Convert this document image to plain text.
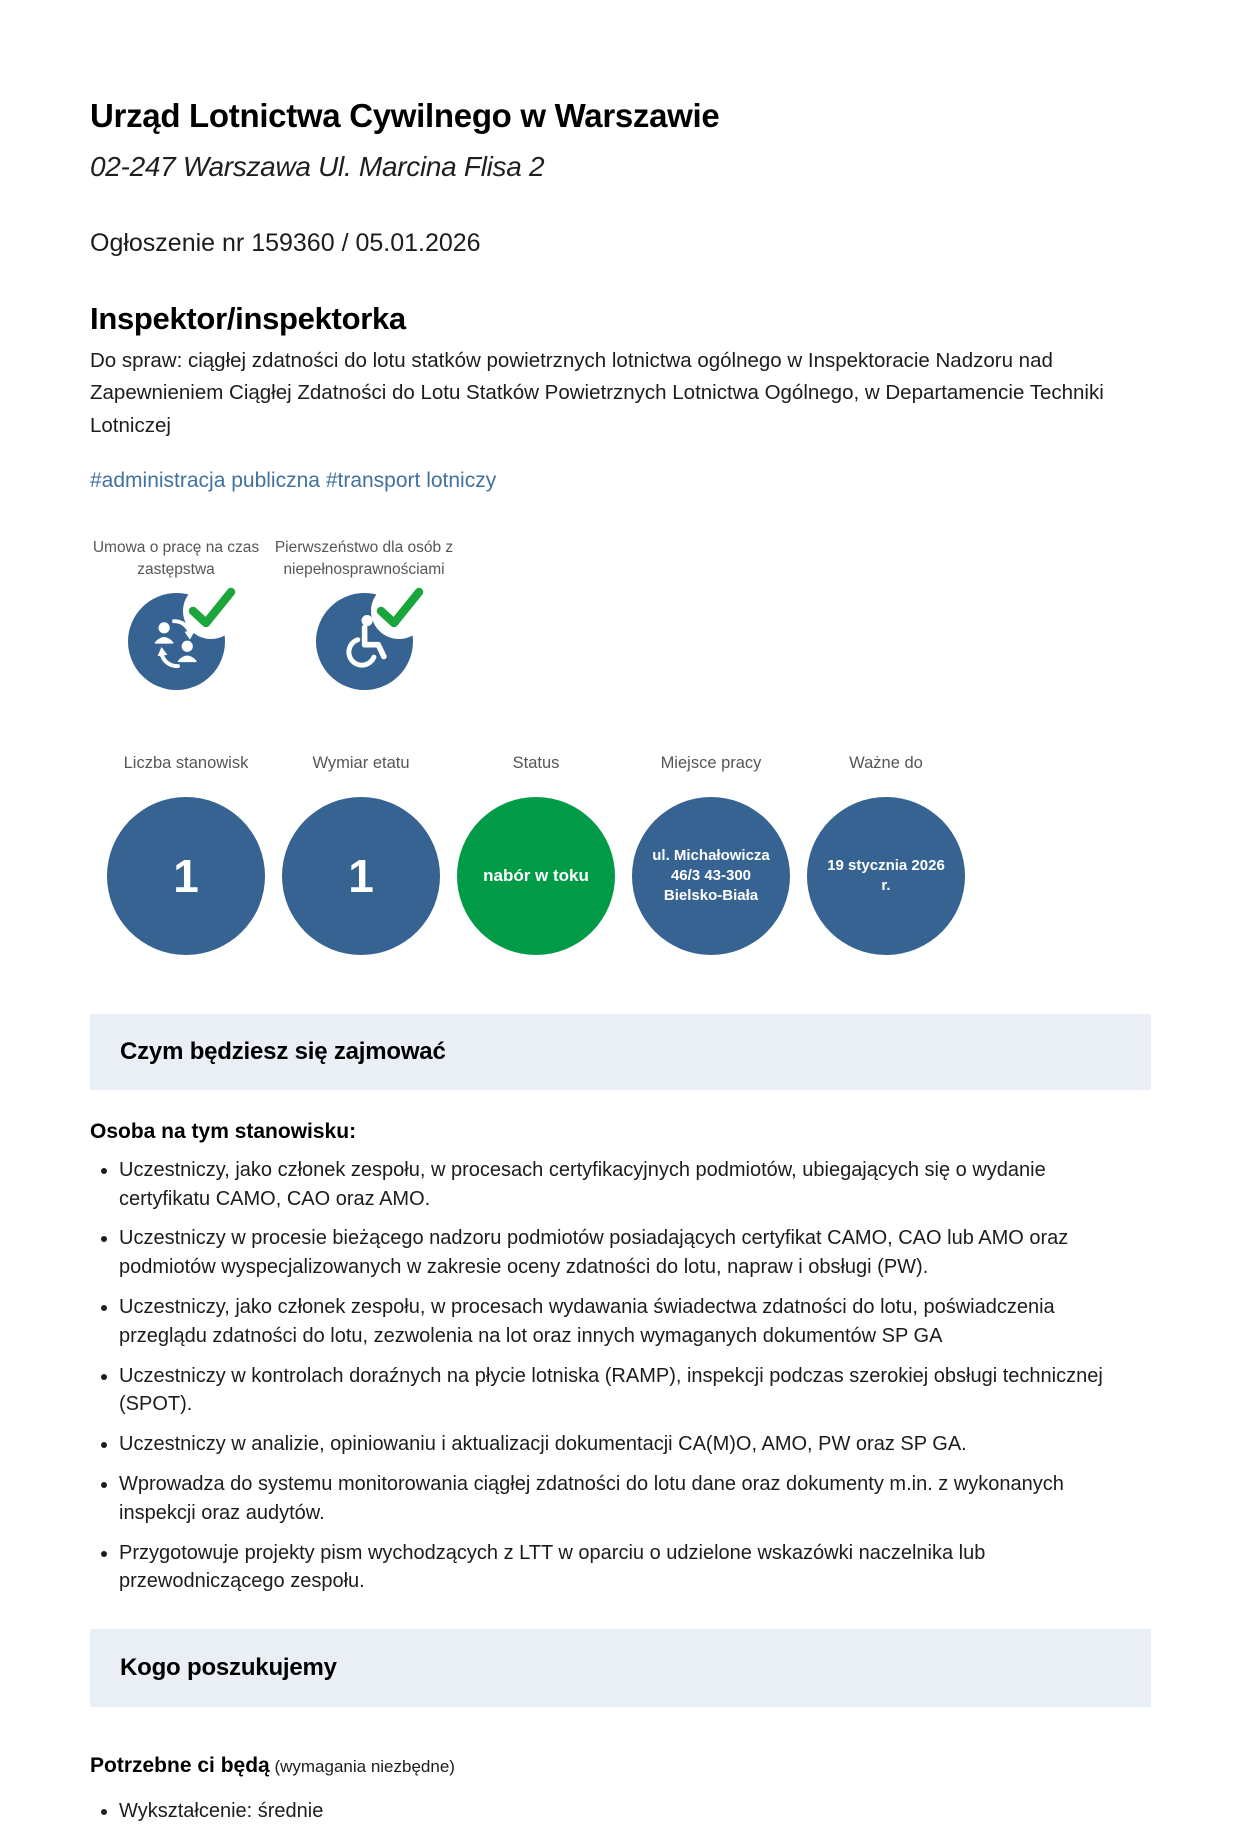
Urząd Lotnictwa Cywilnego w Warszawie
02-247 Warszawa Ul. Marcina Flisa 2
Ogłoszenie nr 159360 / 05.01.2026
Inspektor/inspektorka
Do spraw: ciągłej zdatności do lotu statków powietrznych lotnictwa ogólnego w Inspektoracie Nadzoru nad Zapewnieniem Ciągłej Zdatności do Lotu Statków Powietrznych Lotnictwa Ogólnego, w Departamencie Techniki Lotniczej
#administracja publiczna #transport lotniczy
Umowa o pracę na czas zastępstwa
Pierwszeństwo dla osób z niepełnosprawnościami
Liczba stanowisk
1
Wymiar etatu
1
Status
nabór w toku
Miejsce pracy
ul. Michałowicza 46/3 43-300 Bielsko-Biała
Ważne do
19 stycznia 2026 r.
Czym będziesz się zajmować
Osoba na tym stanowisku:
• Uczestniczy, jako członek zespołu, w procesach certyfikacyjnych podmiotów, ubiegających się o wydanie certyfikatu CAMO, CAO oraz AMO.
• Uczestniczy w procesie bieżącego nadzoru podmiotów posiadających certyfikat CAMO, CAO lub AMO oraz podmiotów wyspecjalizowanych w zakresie oceny zdatności do lotu, napraw i obsługi (PW).
• Uczestniczy, jako członek zespołu, w procesach wydawania świadectwa zdatności do lotu, poświadczenia przeglądu zdatności do lotu, zezwolenia na lot oraz innych wymaganych dokumentów SP GA
• Uczestniczy w kontrolach doraźnych na płycie lotniska (RAMP), inspekcji podczas szerokiej obsługi technicznej (SPOT).
• Uczestniczy w analizie, opiniowaniu i aktualizacji dokumentacji CA(M)O, AMO, PW oraz SP GA.
• Wprowadza do systemu monitorowania ciągłej zdatności do lotu dane oraz dokumenty m.in. z wykonanych inspekcji oraz audytów.
• Przygotowuje projekty pism wychodzących z LTT w oparciu o udzielone wskazówki naczelnika lub przewodniczącego zespołu.
Kogo poszukujemy
Potrzebne ci będą (wymagania niezbędne)
• Wykształcenie: średnie
